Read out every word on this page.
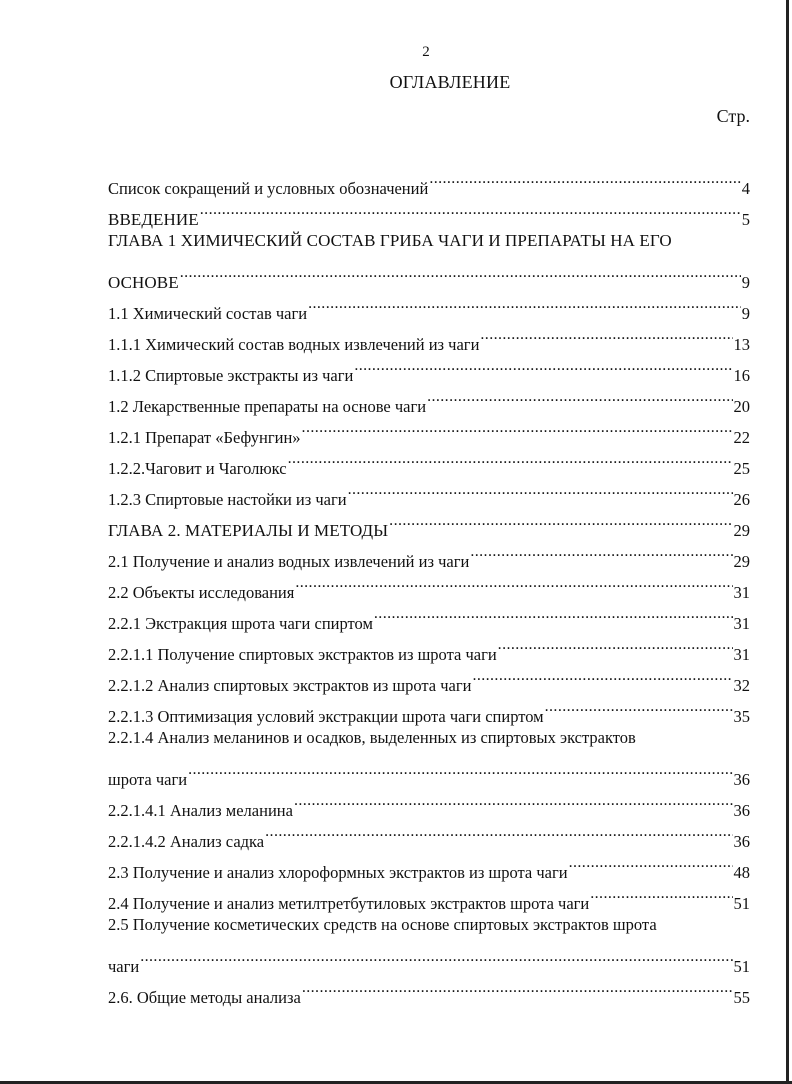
2
ОГЛАВЛЕНИЕ
Стр.
Список сокращений и условных обозначений .....	4
ВВЕДЕНИЕ .....	5
ГЛАВА 1 ХИМИЧЕСКИЙ СОСТАВ ГРИБА ЧАГИ И ПРЕПАРАТЫ НА ЕГО
ОСНОВЕ .....	9
1.1 Химический состав чаги .....	9
1.1.1 Химический состав водных извлечений из чаги .....	13
1.1.2 Спиртовые экстракты из чаги .....	16
1.2 Лекарственные препараты на основе чаги .....	20
1.2.1 Препарат «Бефунгин» .....	22
1.2.2.Чаговит и Чаголюкс .....	25
1.2.3 Спиртовые настойки из чаги .....	26
ГЛАВА 2. МАТЕРИАЛЫ И МЕТОДЫ .....	29
2.1 Получение и анализ водных извлечений из чаги .....	29
2.2 Объекты исследования .....	31
2.2.1 Экстракция шрота чаги спиртом .....	31
2.2.1.1 Получение спиртовых экстрактов из шрота чаги .....	31
2.2.1.2 Анализ спиртовых экстрактов из шрота чаги .....	32
2.2.1.3 Оптимизация условий экстракции шрота чаги спиртом .....	35
2.2.1.4 Анализ меланинов и осадков, выделенных из спиртовых экстрактов
шрота чаги .....	36
2.2.1.4.1 Анализ меланина .....	36
2.2.1.4.2 Анализ садка .....	36
2.3 Получение и анализ хлороформных экстрактов из шрота чаги .....	48
2.4 Получение и анализ метилтретбутиловых экстрактов шрота чаги .....	51
2.5 Получение косметических средств на основе спиртовых экстрактов шрота
чаги .....	51
2.6. Общие методы анализа .....	55
